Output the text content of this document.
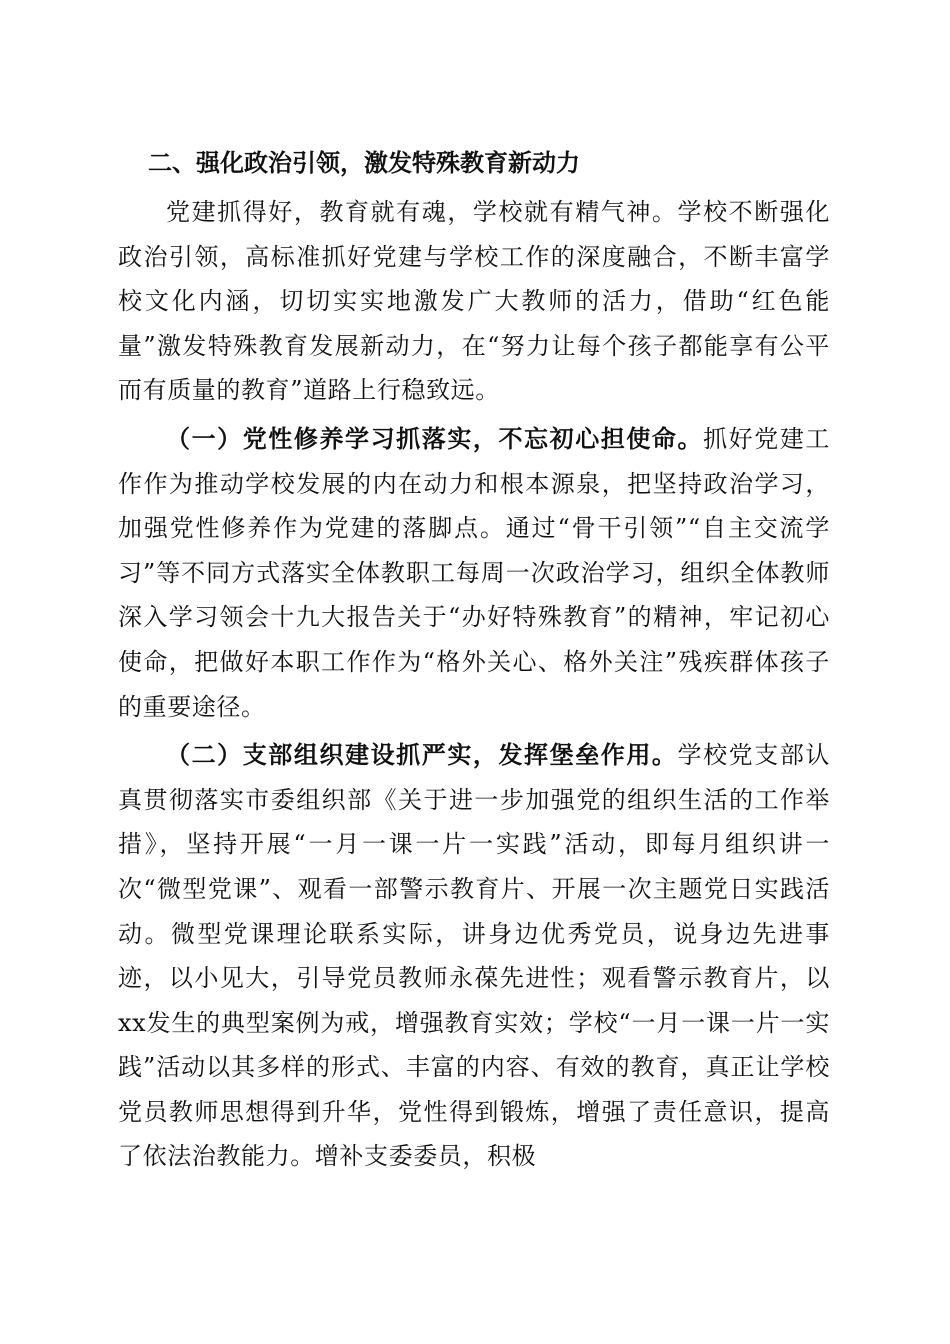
二、强化政治引领，激发特殊教育新动力

党建抓得好，教育就有魂，学校就有精气神。学校不断强化政治引领，高标准抓好党建与学校工作的深度融合，不断丰富学校文化内涵，切切实实地激发广大教师的活力，借助“红色能量”激发特殊教育发展新动力，在“努力让每个孩子都能享有公平而有质量的教育”道路上行稳致远。

（一）党性修养学习抓落实，不忘初心担使命。抓好党建工作作为推动学校发展的内在动力和根本源泉，把坚持政治学习，加强党性修养作为党建的落脚点。通过“骨干引领”“自主交流学习”等不同方式落实全体教职工每周一次政治学习，组织全体教师深入学习领会十九大报告关于“办好特殊教育”的精神，牢记初心使命，把做好本职工作作为“格外关心、格外关注”残疾群体孩子的重要途径。

（二）支部组织建设抓严实，发挥堡垒作用。学校党支部认真贯彻落实市委组织部《关于进一步加强党的组织生活的工作举措》，坚持开展“一月一课一片一实践”活动，即每月组织讲一次“微型党课”、观看一部警示教育片、开展一次主题党日实践活动。微型党课理论联系实际，讲身边优秀党员，说身边先进事迹，以小见大，引导党员教师永葆先进性；观看警示教育片，以xx发生的典型案例为戒，增强教育实效；学校“一月一课一片一实践”活动以其多样的形式、丰富的内容、有效的教育，真正让学校党员教师思想得到升华，党性得到锻炼，增强了责任意识，提高了依法治教能力。增补支委委员，积极
